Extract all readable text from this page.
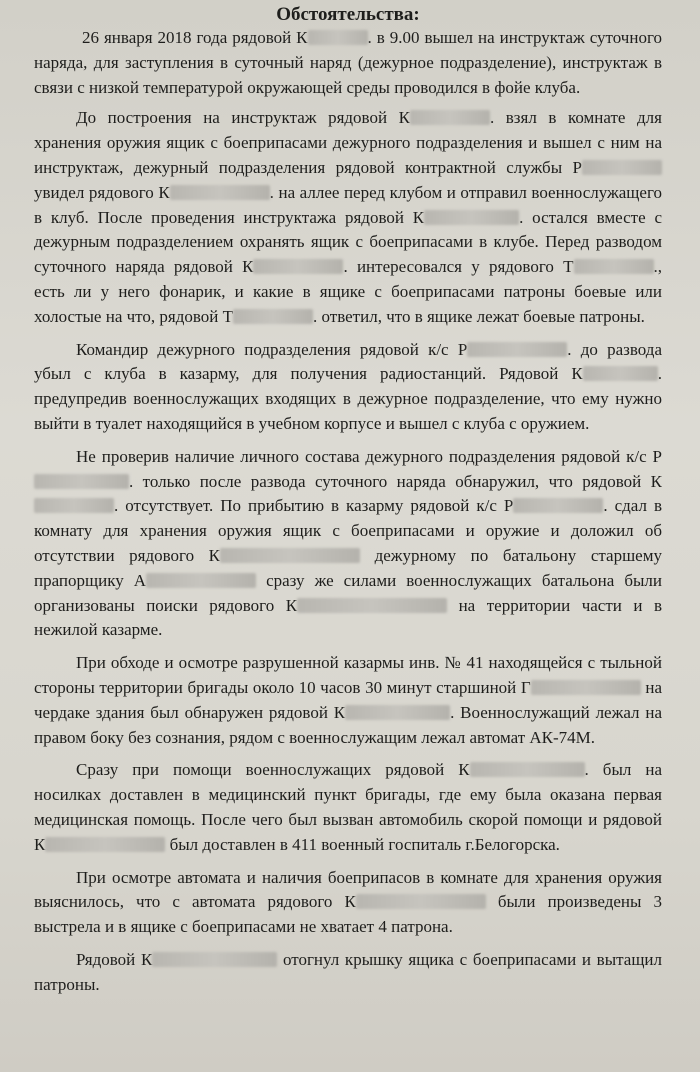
Обстоятельства:

26 января 2018 года рядовой К	. в 9.00 вышел на инструктаж суточного наряда, для заступления в суточный наряд (дежурное подразделение), инструктаж в связи с низкой температурой окружающей среды проводился в фойе клуба.

До построения на инструктаж рядовой К	. взял в комнате для хранения оружия ящик с боеприпасами дежурного подразделения и вышел с ним на инструктаж, дежурный подразделения рядовой контрактной службы Р увидел рядового К	. на аллее перед клубом и отправил военнослужащего в клуб. После проведения инструктажа рядовой К	. остался вместе с дежурным подразделением охранять ящик с боеприпасами в клубе. Перед разводом суточного наряда рядовой К	. интересовался у рядового Т	., есть ли у него фонарик, и какие в ящике с боеприпасами патроны боевые или холостые на что, рядовой Т	. ответил, что в ящике лежат боевые патроны.

Командир дежурного подразделения рядовой к/с Р	. до развода убыл с клуба в казарму, для получения радиостанций. Рядовой К	. предупредив военнослужащих входящих в дежурное подразделение, что ему нужно выйти в туалет находящийся в учебном корпусе и вышел с клуба с оружием.

Не проверив наличие личного состава дежурного подразделения рядовой к/с Р. только после развода суточного наряда обнаружил, что рядовой К. отсутствует. По прибытию в казарму рядовой к/с Р	. сдал в комнату для хранения оружия ящик с боеприпасами и оружие и доложил об отсутствии рядового К	дежурному по батальону старшему прапорщику А	сразу же силами военнослужащих батальона были организованы поиски рядового К	на территории части и в нежилой казарме.

При обходе и осмотре разрушенной казармы инв. № 41 находящейся с тыльной стороны территории бригады около 10 часов 30 минут старшиной Г	на чердаке здания был обнаружен рядовой К	. Военнослужащий лежал на правом боку без сознания, рядом с военнослужащим лежал автомат АК-74М.

Сразу при помощи военнослужащих рядовой К	. был на носилках доставлен в медицинский пункт бригады, где ему была оказана первая медицинская помощь. После чего был вызван автомобиль скорой помощи и рядовой К	был доставлен в 411 военный госпиталь г.Белогорска.

При осмотре автомата и наличия боеприпасов в комнате для хранения оружия выяснилось, что с автомата рядового К	были произведены 3 выстрела и в ящике с боеприпасами не хватает 4 патрона.

Рядовой К	отогнул крышку ящика с боеприпасами и вытащил патроны.
